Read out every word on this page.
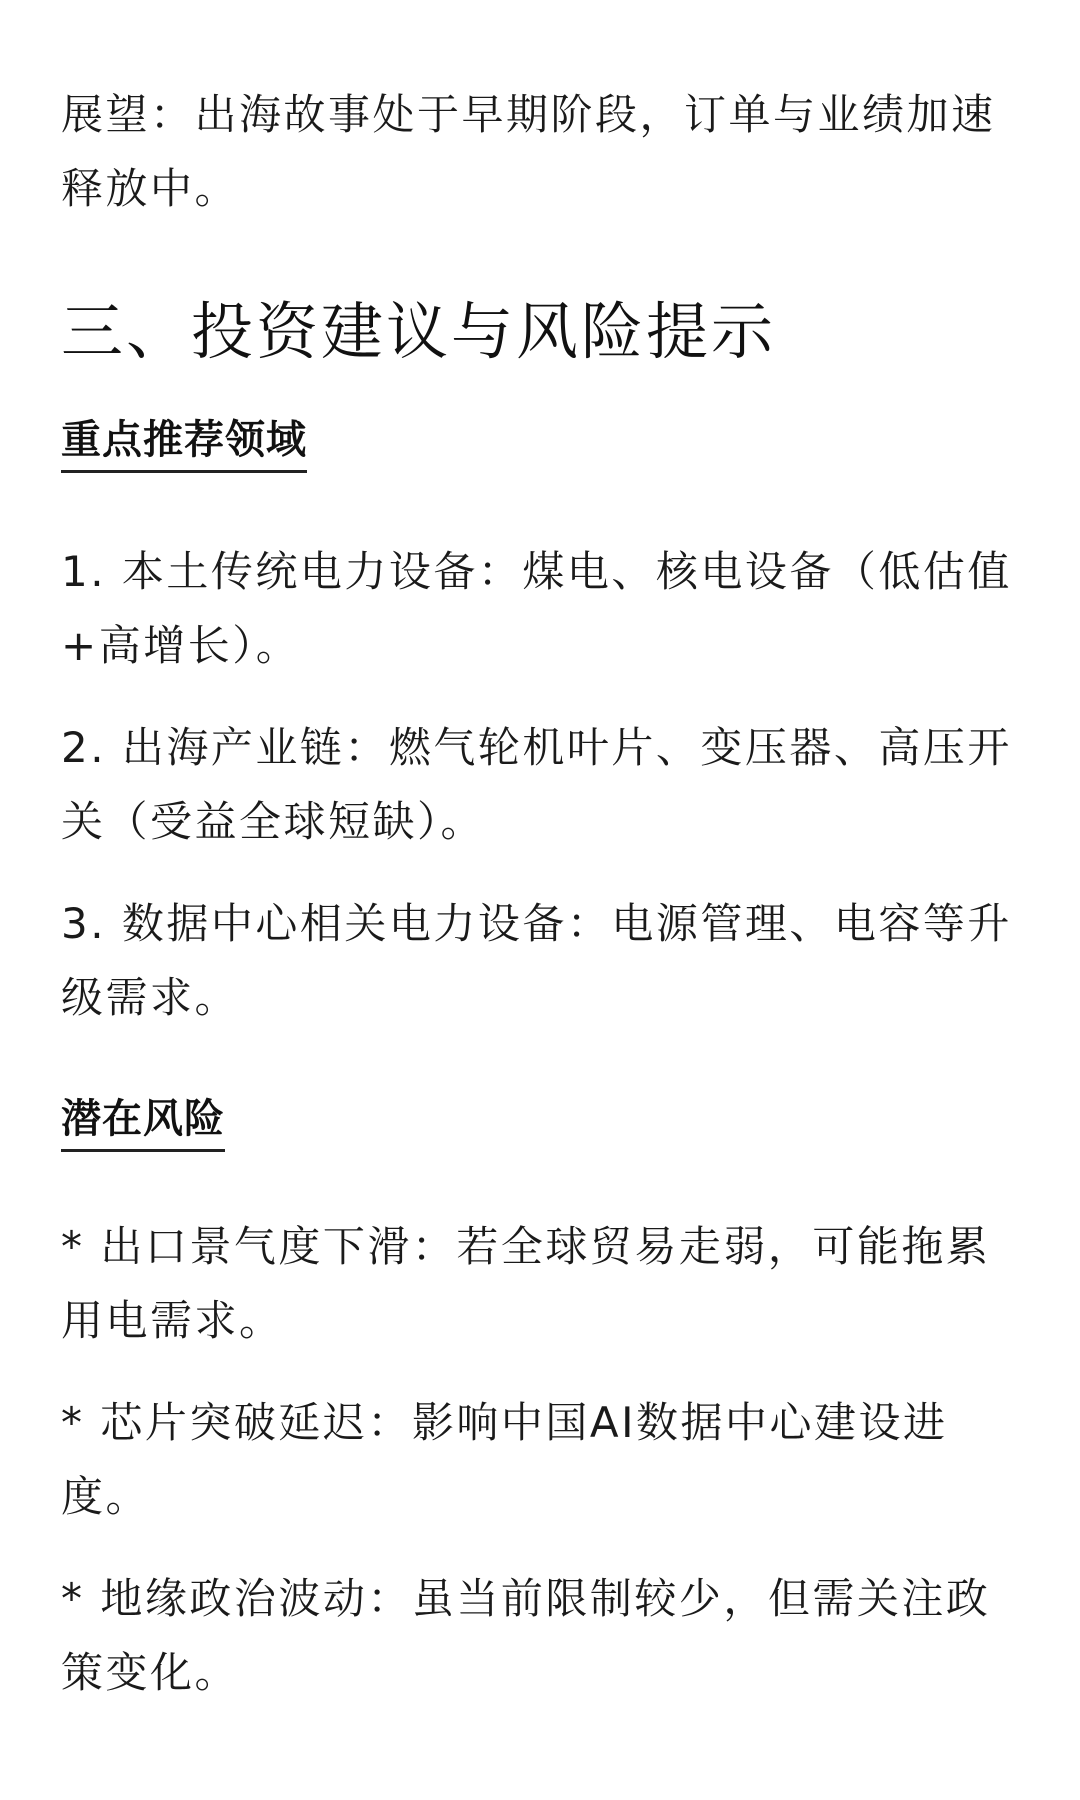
展望：出海故事处于早期阶段，订单与业绩加速释放中。

三、投资建议与风险提示
重点推荐领域
1. 本土传统电力设备：煤电、核电设备（低估值+高增长）。
2. 出海产业链：燃气轮机叶片、变压器、高压开关（受益全球短缺）。
3. 数据中心相关电力设备：电源管理、电容等升级需求。
潜在风险
* 出口景气度下滑：若全球贸易走弱，可能拖累用电需求。
* 芯片突破延迟：影响中国AI数据中心建设进度。
* 地缘政治波动：虽当前限制较少，但需关注政策变化。
